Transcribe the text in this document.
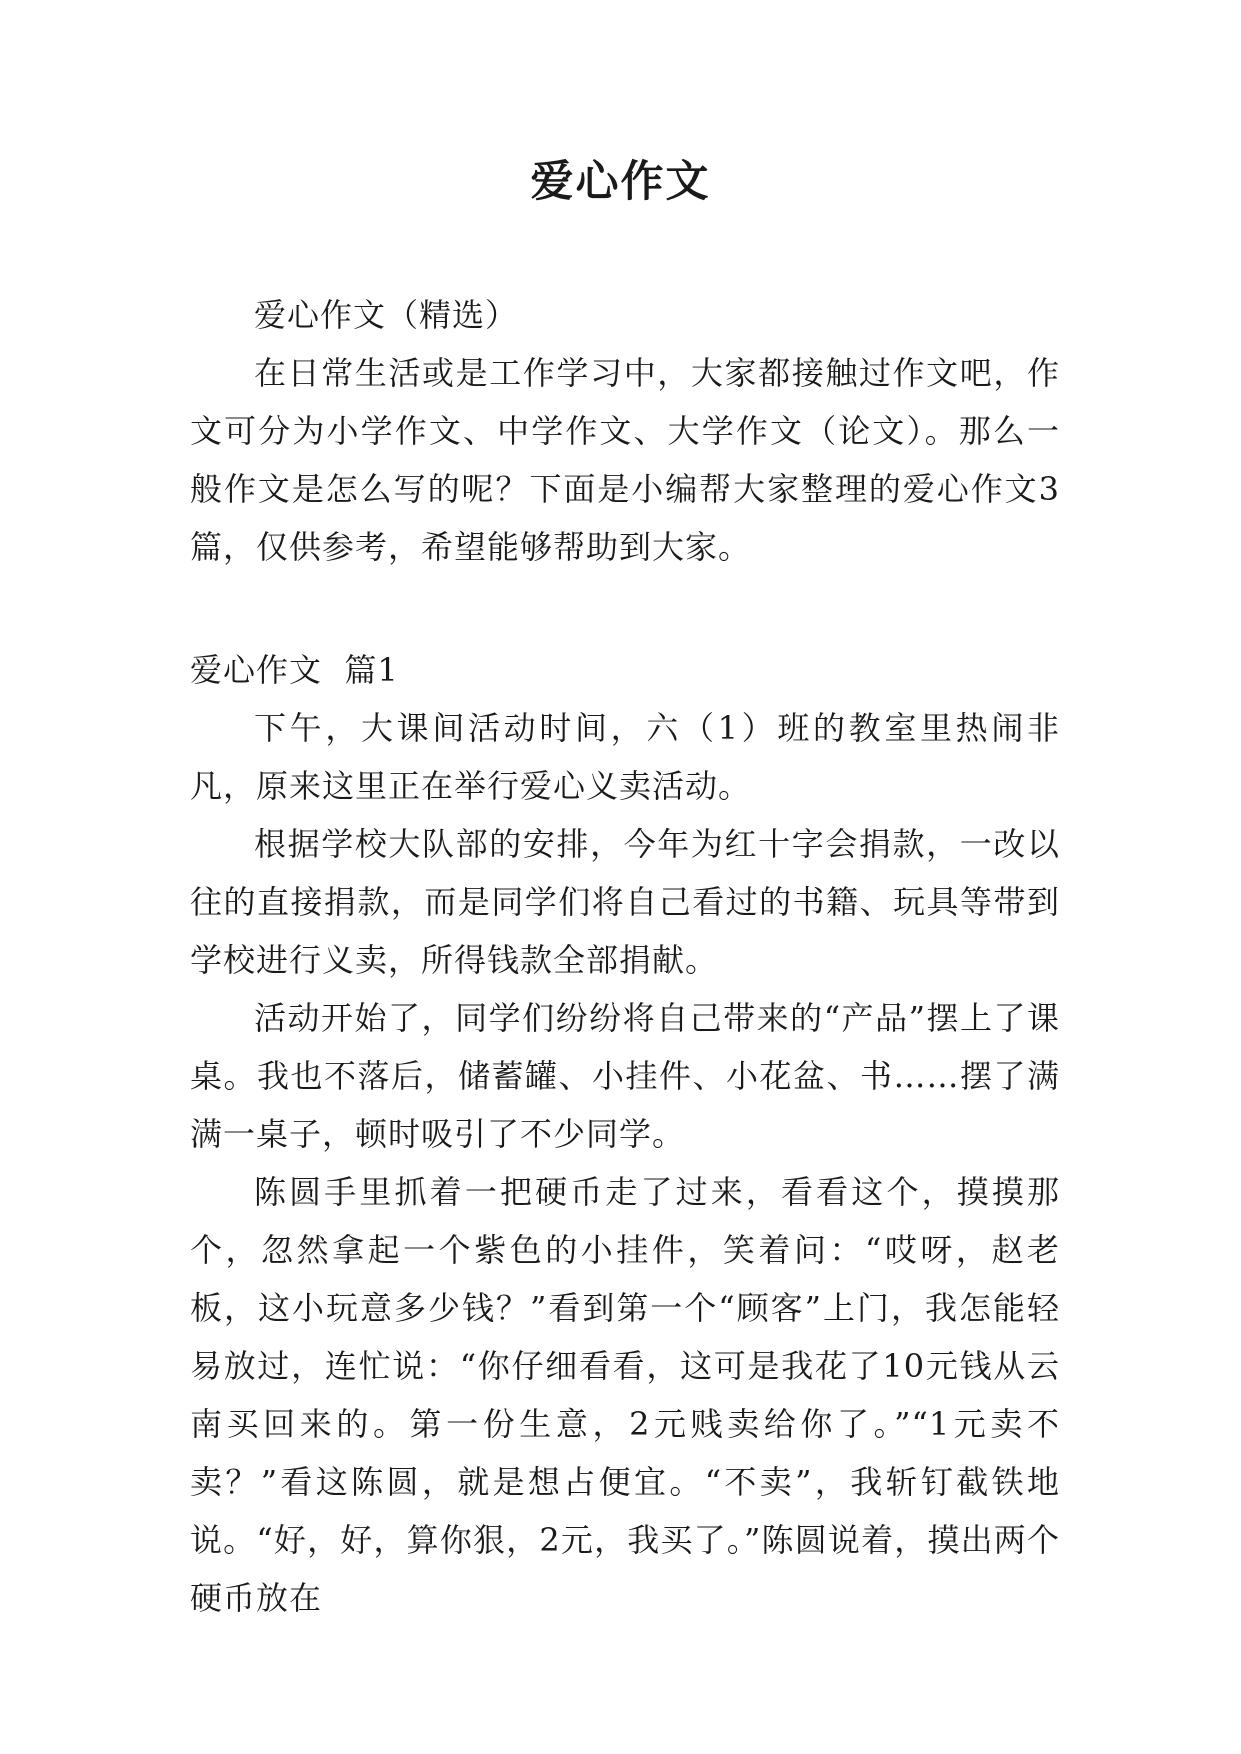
爱心作文

爱心作文（精选）

在日常生活或是工作学习中，大家都接触过作文吧，作文可分为小学作文、中学作文、大学作文（论文）。那么一般作文是怎么写的呢？下面是小编帮大家整理的爱心作文3篇，仅供参考，希望能够帮助到大家。

爱心作文  篇1

下午，大课间活动时间，六（1）班的教室里热闹非凡，原来这里正在举行爱心义卖活动。

根据学校大队部的安排，今年为红十字会捐款，一改以往的直接捐款，而是同学们将自己看过的书籍、玩具等带到学校进行义卖，所得钱款全部捐献。

活动开始了，同学们纷纷将自己带来的“产品”摆上了课桌。我也不落后，储蓄罐、小挂件、小花盆、书……摆了满满一桌子，顿时吸引了不少同学。

陈圆手里抓着一把硬币走了过来，看看这个，摸摸那个，忽然拿起一个紫色的小挂件，笑着问：“哎呀，赵老板，这小玩意多少钱？”看到第一个“顾客”上门，我怎能轻易放过，连忙说：“你仔细看看，这可是我花了10元钱从云南买回来的。第一份生意，2元贱卖给你了。”“1元卖不卖？”看这陈圆，就是想占便宜。“不卖”，我斩钉截铁地说。“好，好，算你狠，2元，我买了。”陈圆说着，摸出两个硬币放在
